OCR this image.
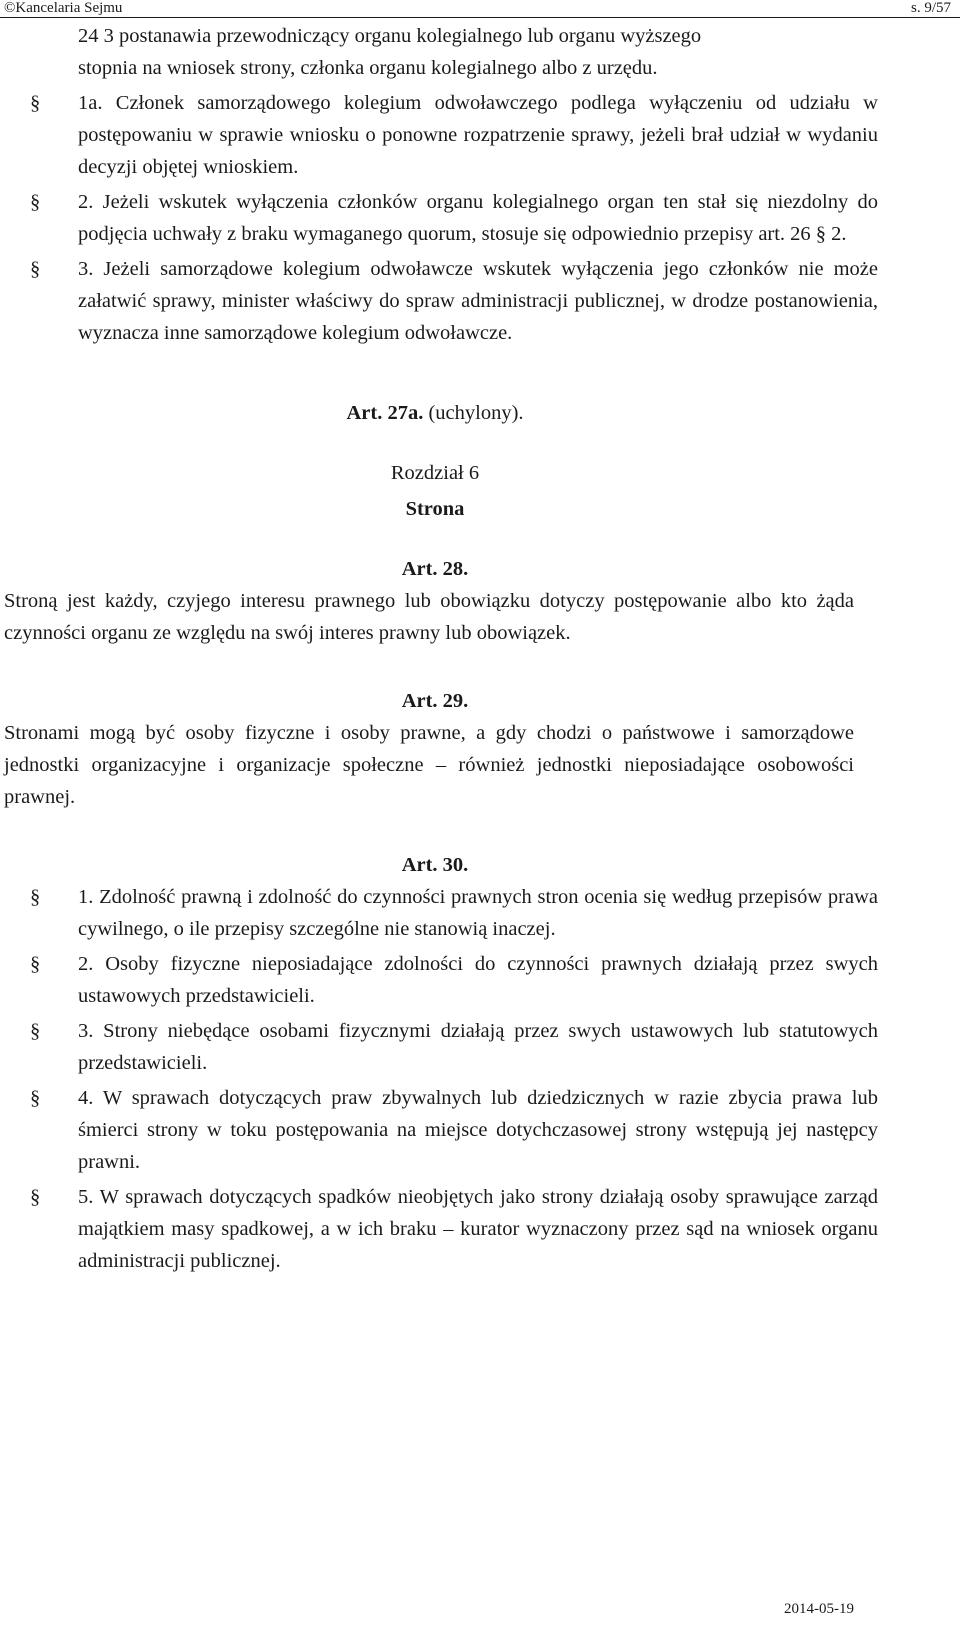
©Kancelaria Sejmu	s. 9/57
24 3 postanawia przewodniczący organu kolegialnego lub organu wyższego
stopnia na wniosek strony, członka organu kolegialnego albo z urzędu.
§	1a. Członek samorządowego kolegium odwoławczego podlega wyłączeniu od udziału w postępowaniu w sprawie wniosku o ponowne rozpatrzenie sprawy, jeżeli brał udział w wydaniu decyzji objętej wnioskiem.
§	2. Jeżeli wskutek wyłączenia członków organu kolegialnego organ ten stał się niezdolny do podjęcia uchwały z braku wymaganego quorum, stosuje się odpowiednio przepisy art. 26 § 2.
§	3. Jeżeli samorządowe kolegium odwoławcze wskutek wyłączenia jego członków nie może załatwić sprawy, minister właściwy do spraw administracji publicznej, w drodze postanowienia, wyznacza inne samorządowe kolegium odwoławcze.
Art. 27a. (uchylony).
Rozdział 6
Strona
Art. 28.
Stroną jest każdy, czyjego interesu prawnego lub obowiązku dotyczy postępowanie albo kto żąda czynności organu ze względu na swój interes prawny lub obowiązek.
Art. 29.
Stronami mogą być osoby fizyczne i osoby prawne, a gdy chodzi o państwowe i samorządowe jednostki organizacyjne i organizacje społeczne – również jednostki nieposiadające osobowości prawnej.
Art. 30.
§	1. Zdolność prawną i zdolność do czynności prawnych stron ocenia się według przepisów prawa cywilnego, o ile przepisy szczególne nie stanowią inaczej.
§	2. Osoby fizyczne nieposiadające zdolności do czynności prawnych działają przez swych ustawowych przedstawicieli.
§	3. Strony niebędące osobami fizycznymi działają przez swych ustawowych lub statutowych przedstawicieli.
§	4. W sprawach dotyczących praw zbywalnych lub dziedzicznych w razie zbycia prawa lub śmierci strony w toku postępowania na miejsce dotychczasowej strony wstępują jej następcy prawni.
§	5. W sprawach dotyczących spadków nieobjętych jako strony działają osoby sprawujące zarząd majątkiem masy spadkowej, a w ich braku – kurator wyznaczony przez sąd na wniosek organu administracji publicznej.
2014-05-19
